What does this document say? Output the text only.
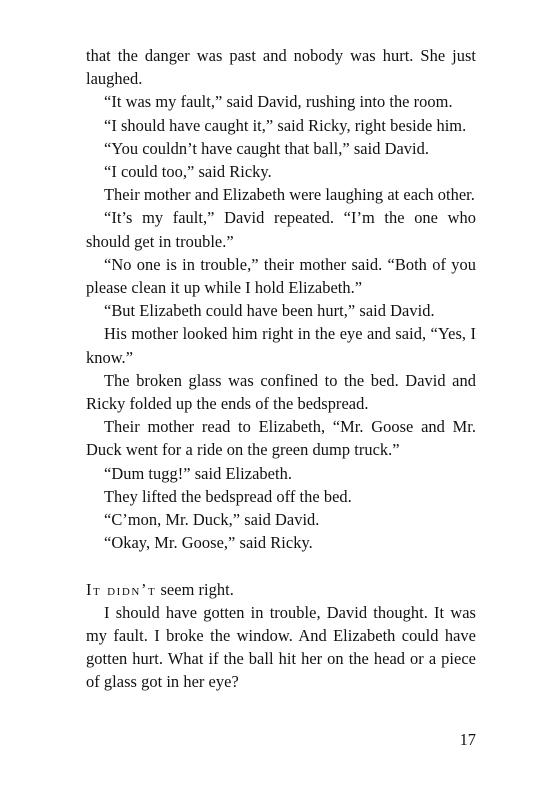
that the danger was past and nobody was hurt. She just laughed.

“It was my fault,” said David, rushing into the room.

“I should have caught it,” said Ricky, right beside him.

“You couldn’t have caught that ball,” said David.

“I could too,” said Ricky.

Their mother and Elizabeth were laughing at each other.

“It’s my fault,” David repeated. “I’m the one who should get in trouble.”

“No one is in trouble,” their mother said. “Both of you please clean it up while I hold Elizabeth.”

“But Elizabeth could have been hurt,” said David.

His mother looked him right in the eye and said, “Yes, I know.”

The broken glass was confined to the bed. David and Ricky folded up the ends of the bedspread.

Their mother read to Elizabeth, “Mr. Goose and Mr. Duck went for a ride on the green dump truck.”

“Dum tugg!” said Elizabeth.

They lifted the bedspread off the bed.

“C’mon, Mr. Duck,” said David.

“Okay, Mr. Goose,” said Ricky.

It didn’t seem right.

I should have gotten in trouble, David thought. It was my fault. I broke the window. And Elizabeth could have gotten hurt. What if the ball hit her on the head or a piece of glass got in her eye?

17
